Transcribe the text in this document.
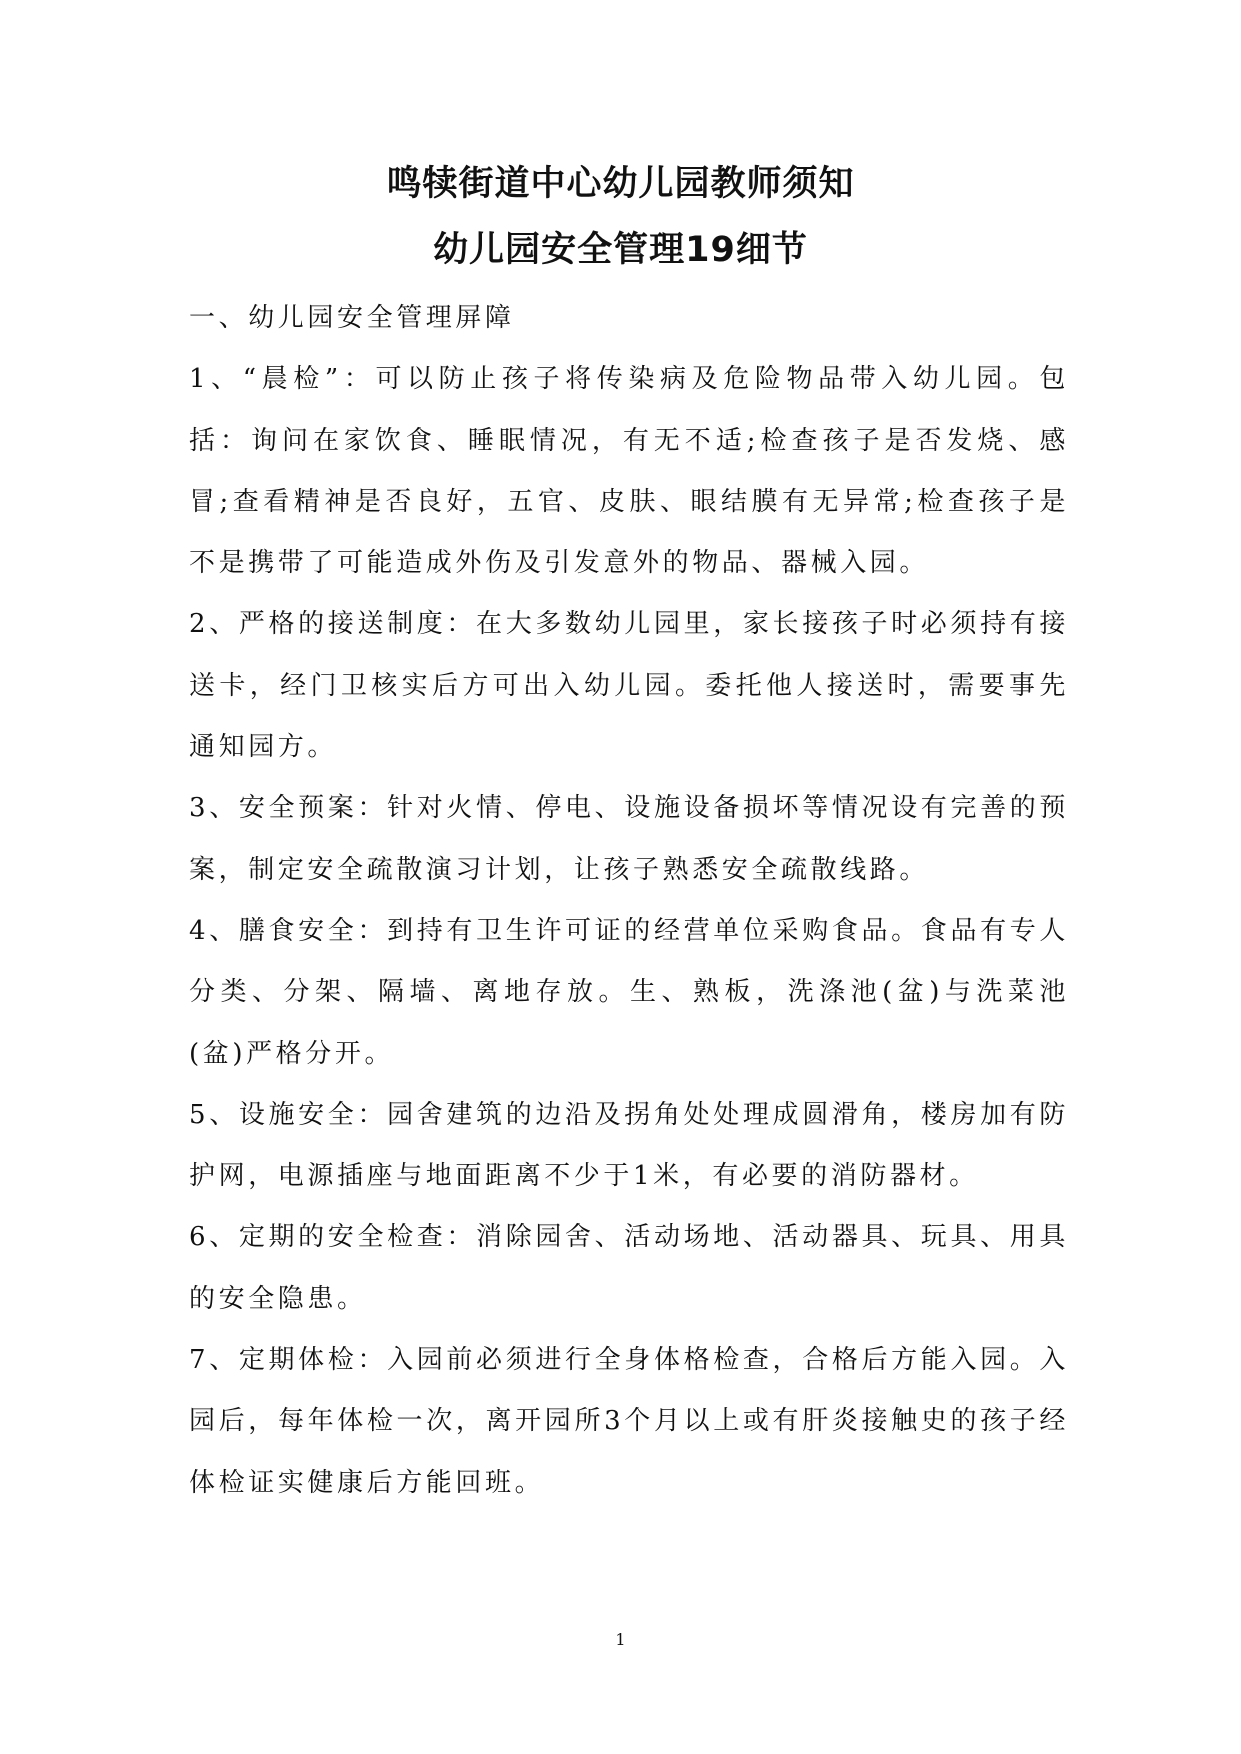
鸣犊街道中心幼儿园教师须知
幼儿园安全管理19细节

一、幼儿园安全管理屏障

1、“晨检”：可以防止孩子将传染病及危险物品带入幼儿园。包括：询问在家饮食、睡眠情况，有无不适;检查孩子是否发烧、感冒;查看精神是否良好，五官、皮肤、眼结膜有无异常;检查孩子是不是携带了可能造成外伤及引发意外的物品、器械入园。

2、严格的接送制度：在大多数幼儿园里，家长接孩子时必须持有接送卡，经门卫核实后方可出入幼儿园。委托他人接送时，需要事先通知园方。

3、安全预案：针对火情、停电、设施设备损坏等情况设有完善的预案，制定安全疏散演习计划，让孩子熟悉安全疏散线路。

4、膳食安全：到持有卫生许可证的经营单位采购食品。食品有专人分类、分架、隔墙、离地存放。生、熟板，洗涤池(盆)与洗菜池(盆)严格分开。

5、设施安全：园舍建筑的边沿及拐角处处理成圆滑角，楼房加有防护网，电源插座与地面距离不少于1米，有必要的消防器材。

6、定期的安全检查：消除园舍、活动场地、活动器具、玩具、用具的安全隐患。

7、定期体检：入园前必须进行全身体格检查，合格后方能入园。入园后，每年体检一次，离开园所3个月以上或有肝炎接触史的孩子经体检证实健康后方能回班。

1
